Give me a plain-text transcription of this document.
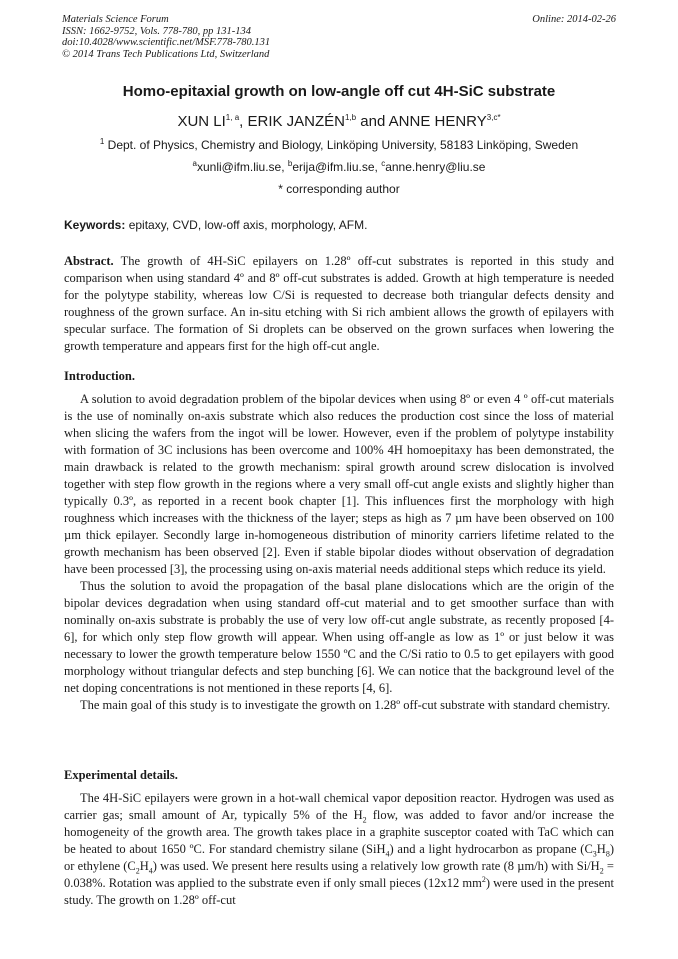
Materials Science Forum
ISSN: 1662-9752, Vols. 778-780, pp 131-134
doi:10.4028/www.scientific.net/MSF.778-780.131
© 2014 Trans Tech Publications Ltd, Switzerland
Online: 2014-02-26
Homo-epitaxial growth on low-angle off cut 4H-SiC substrate
XUN LI$^{1, a}$, ERIK JANZÉN$^{1,b}$ and ANNE $HENRY^{3,c*}$
$^1$ Dept. of Physics, Chemistry and Biology, Linköping University, 58183 Linköping, Sweden
$^a$xunli@ifm.liu.se, $^b$erija@ifm.liu.se, $^c$anne.henry@liu.se
* corresponding author
Keywords: epitaxy, CVD, low-off axis, morphology, AFM.

Abstract. The growth of 4H-SiC epilayers on 1.28º off-cut substrates is reported in this study and comparison when using standard 4º and 8º off-cut substrates is added. Growth at high temperature is needed for the polytype stability, whereas low C/Si is requested to decrease both triangular defects density and roughness of the grown surface. An in-situ etching with Si rich ambient allows the growth of epilayers with specular surface. The formation of Si droplets can be observed on the grown surfaces when lowering the growth temperature and appears first for the high off-cut angle.

Introduction.

A solution to avoid degradation problem of the bipolar devices when using 8º or even 4 º off-cut materials is the use of nominally on-axis substrate which also reduces the production cost since the loss of material when slicing the wafers from the ingot will be lower. However, even if the problem of polytype instability with formation of 3C inclusions has been overcome and 100% 4H homoepitaxy has been demonstrated, the main drawback is related to the growth mechanism: spiral growth around screw dislocation is involved together with step flow growth in the regions where a very small off-cut angle exists and slightly higher than typically 0.3º, as reported in a recent book chapter [1]. This influences first the morphology with high roughness which increases with the thickness of the layer; steps as high as 7 µm have been observed on 100 µm thick epilayer. Secondly large in-homogeneous distribution of minority carriers lifetime related to the growth mechanism has been observed [2]. Even if stable bipolar diodes without observation of degradation have been processed [3], the processing using on-axis material needs additional steps which reduce its yield.

Thus the solution to avoid the propagation of the basal plane dislocations which are the origin of the bipolar devices degradation when using standard off-cut material and to get smoother surface than with nominally on-axis substrate is probably the use of very low off-cut angle substrate, as recently proposed [4-6], for which only step flow growth will appear. When using off-angle as low as 1º or just below it was necessary to lower the growth temperature below 1550 ºC and the C/Si ratio to 0.5 to get epilayers with good morphology without triangular defects and step bunching [6]. We can notice that the background level of the net doping concentrations is not mentioned in these reports [4, 6].

The main goal of this study is to investigate the growth on 1.28º off-cut substrate with standard chemistry.

Experimental details.

The 4H-SiC epilayers were grown in a hot-wall chemical vapor deposition reactor. Hydrogen was used as carrier gas; small amount of Ar, typically 5% of the $H_2$ flow, was added to favor and/or increase the homogeneity of the growth area. The growth takes place in a graphite susceptor coated with TaC which can be heated to about 1650 ºC. For standard chemistry silane (SiH$_4$) and a light hydrocarbon as propane $(C_3H_8)$ or ethylene $(C_2H_4)$ was used. We present here results using a relatively low growth rate (8 µm/h) with $Si/H_2 = 0.038\%$. Rotation was applied to the substrate even if only small pieces (12x12 $mm^2$) were used in the present study. The growth on 1.28º off-cut
